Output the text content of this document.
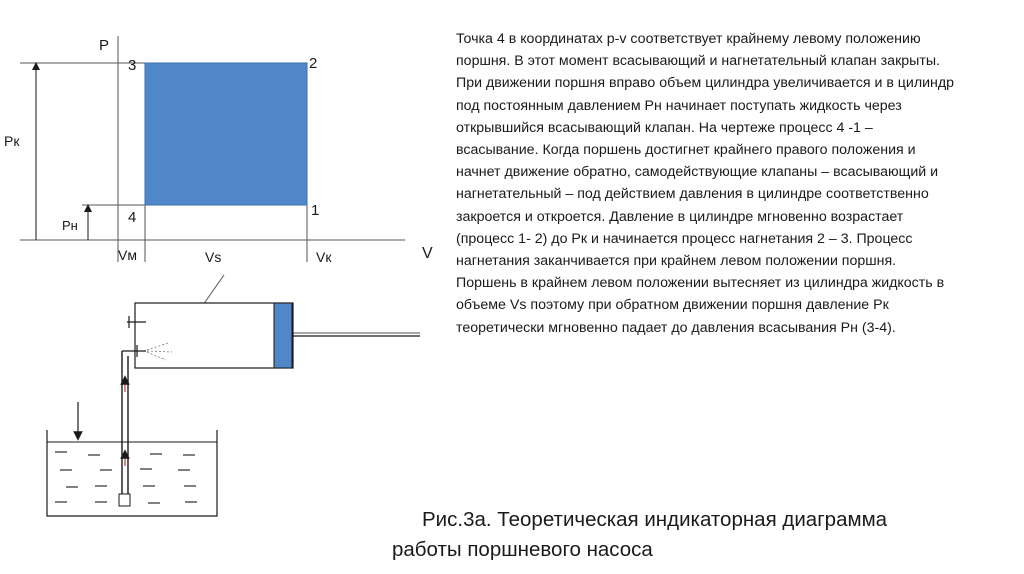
P
V
3	2
1
4
Pк
Pн
Vм	Vs	Vк

Точка 4 в координатах p-v соответствует крайнему левому положению поршня. В этот момент всасывающий и нагнетательный клапан закрыты. При движении поршня вправо объем цилиндра увеличивается и в цилиндр под постоянным давлением Рн начинает поступать жидкость через открывшийся всасывающий клапан. На чертеже процесс 4 -1 – всасывание. Когда поршень достигнет крайнего правого положения и начнет движение обратно, самодействующие клапаны – всасывающий и нагнетательный – под действием давления в цилиндре соответственно закроется и откроется. Давление в цилиндре мгновенно возрастает (процесс 1- 2) до Рк и начинается процесс нагнетания 2 – 3. Процесс нагнетания заканчивается при крайнем левом положении поршня. Поршень в крайнем левом положении вытесняет из цилиндра жидкость в объеме Vs поэтому при обратном движении поршня давление Рк теоретически мгновенно падает до давления всасывания Рн (3-4).

Рис.3а. Теоретическая индикаторная диаграмма
работы поршневого насоса
